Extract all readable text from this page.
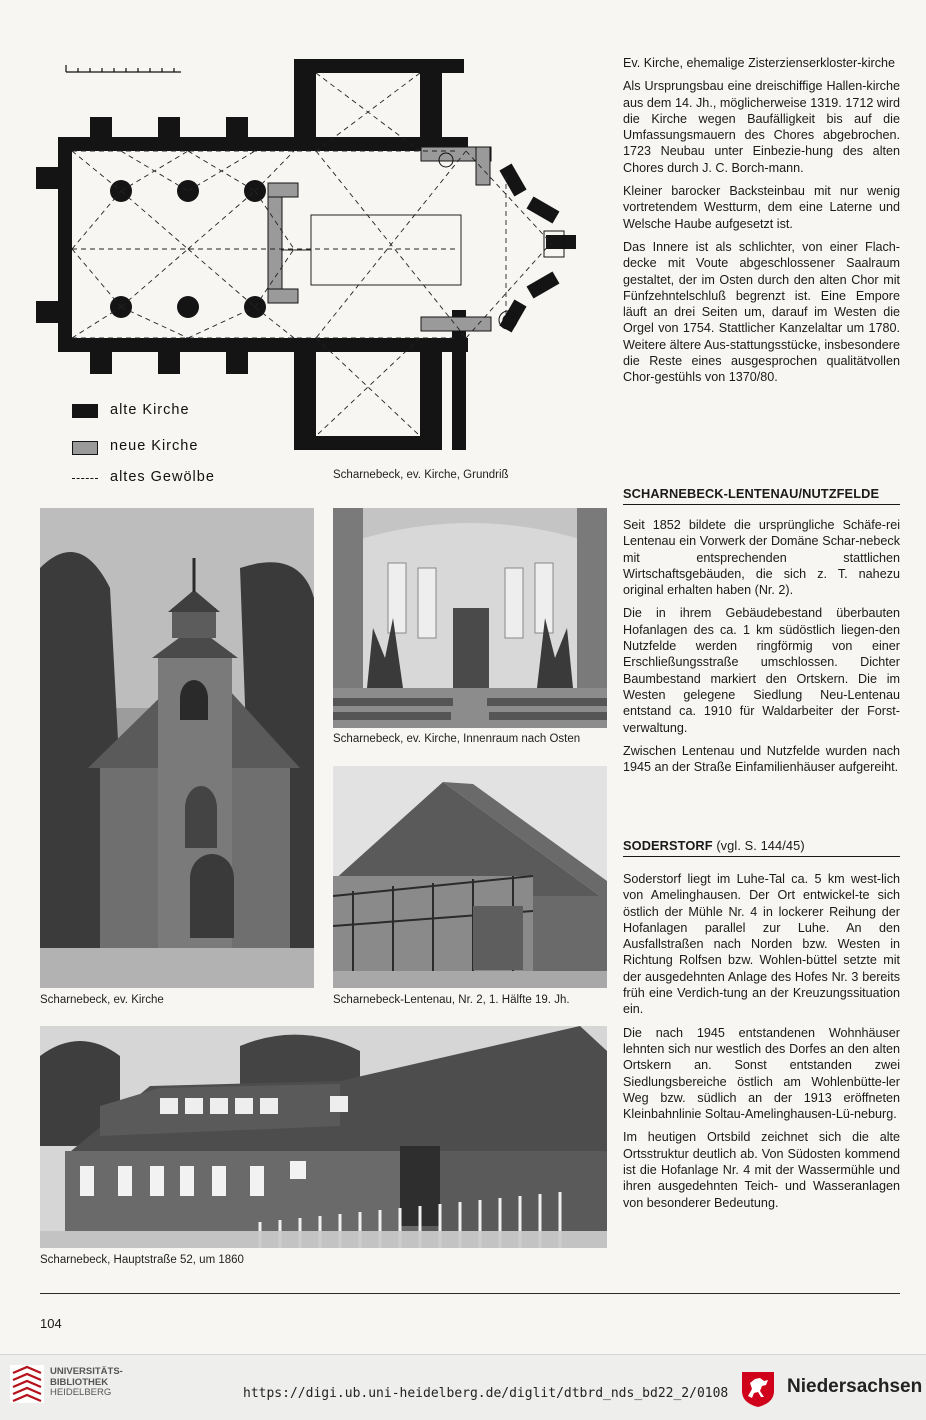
alte Kirche
neue Kirche
altes Gewölbe	Scharnebeck, ev. Kirche, Grundriß
Scharnebeck, ev. Kirche
Scharnebeck, ev. Kirche, Innenraum nach Osten
Scharnebeck-Lentenau, Nr. 2, 1. Hälfte 19. Jh.
Scharnebeck, Hauptstraße 52, um 1860

Ev. Kirche, ehemalige Zisterzienserkloster-kirche

Als Ursprungsbau eine dreischiffige Hallen-kirche aus dem 14. Jh., möglicherweise 1319. 1712 wird die Kirche wegen Baufälligkeit bis auf die Umfassungsmauern des Chores abgebrochen. 1723 Neubau unter Einbezie-hung des alten Chores durch J. C. Borch-mann.

Kleiner barocker Backsteinbau mit nur wenig vortretendem Westturm, dem eine Laterne und Welsche Haube aufgesetzt ist.

Das Innere ist als schlichter, von einer Flach-decke mit Voute abgeschlossener Saalraum gestaltet, der im Osten durch den alten Chor mit Fünfzehntelschluß begrenzt ist. Eine Empore läuft an drei Seiten um, darauf im Westen die Orgel von 1754. Stattlicher Kanzelaltar um 1780. Weitere ältere Aus-stattungsstücke, insbesondere die Reste eines ausgesprochen qualitätvollen Chor-gestühls von 1370/80.

SCHARNEBECK-LENTENAU/NUTZFELDE

Seit 1852 bildete die ursprüngliche Schäfe-rei Lentenau ein Vorwerk der Domäne Schar-nebeck mit entsprechenden stattlichen Wirtschaftsgebäuden, die sich z. T. nahezu original erhalten haben (Nr. 2).

Die in ihrem Gebäudebestand überbauten Hofanlagen des ca. 1 km südöstlich liegen-den Nutzfelde werden ringförmig von einer Erschließungsstraße umschlossen. Dichter Baumbestand markiert den Ortskern. Die im Westen gelegene Siedlung Neu-Lentenau entstand ca. 1910 für Waldarbeiter der Forst-verwaltung.

Zwischen Lentenau und Nutzfelde wurden nach 1945 an der Straße Einfamilienhäuser aufgereiht.

SODERSTORF (vgl. S. 144/45)

Soderstorf liegt im Luhe-Tal ca. 5 km west-lich von Amelinghausen. Der Ort entwickel-te sich östlich der Mühle Nr. 4 in lockerer Reihung der Hofanlagen parallel zur Luhe. An den Ausfallstraßen nach Norden bzw. Westen in Richtung Rolfsen bzw. Wohlen-büttel setzte mit der ausgedehnten Anlage des Hofes Nr. 3 bereits früh eine Verdich-tung an der Kreuzungssituation ein.

Die nach 1945 entstandenen Wohnhäuser lehnten sich nur westlich des Dorfes an den alten Ortskern an. Sonst entstanden zwei Siedlungsbereiche östlich am Wohlenbütte-ler Weg bzw. südlich an der 1913 eröffneten Kleinbahnlinie Soltau-Amelinghausen-Lü-neburg.

Im heutigen Ortsbild zeichnet sich die alte Ortsstruktur deutlich ab. Von Südosten kommend ist die Hofanlage Nr. 4 mit der Wassermühle und ihren ausgedehnten Teich- und Wasseranlagen von besonderer Bedeutung.

104
UNIVERSITÄTS-
BIBLIOTHEK
HEIDELBERG	https://digi.ub.uni-heidelberg.de/diglit/dtbrd_nds_bd22_2/0108	Niedersachsen
